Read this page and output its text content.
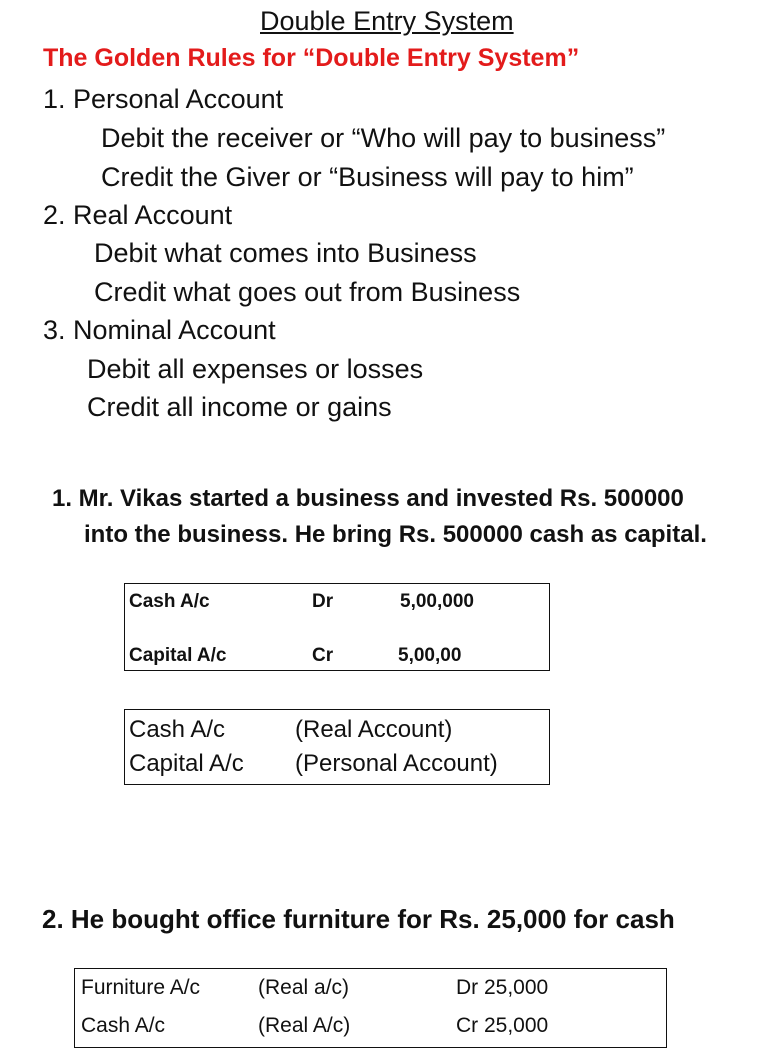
Double Entry System
The Golden Rules for “Double Entry System”
1. Personal Account
Debit the receiver or “Who will pay to business”
Credit the Giver or “Business will pay to him”
2. Real Account
Debit what comes into Business
Credit what goes out from Business
3. Nominal Account
Debit all expenses or losses
Credit all income or gains
1. Mr. Vikas started a business and invested Rs. 500000
into the business. He bring Rs. 500000 cash as capital.
Cash A/c	Dr	5,00,000
Capital A/c	Cr	5,00,00
Cash A/c	(Real Account)
Capital A/c (Personal Account)
2. He bought office furniture for Rs. 25,000 for cash
Furniture A/c	(Real a/c)	Dr 25,000
Cash A/c	(Real A/c)	Cr 25,000
